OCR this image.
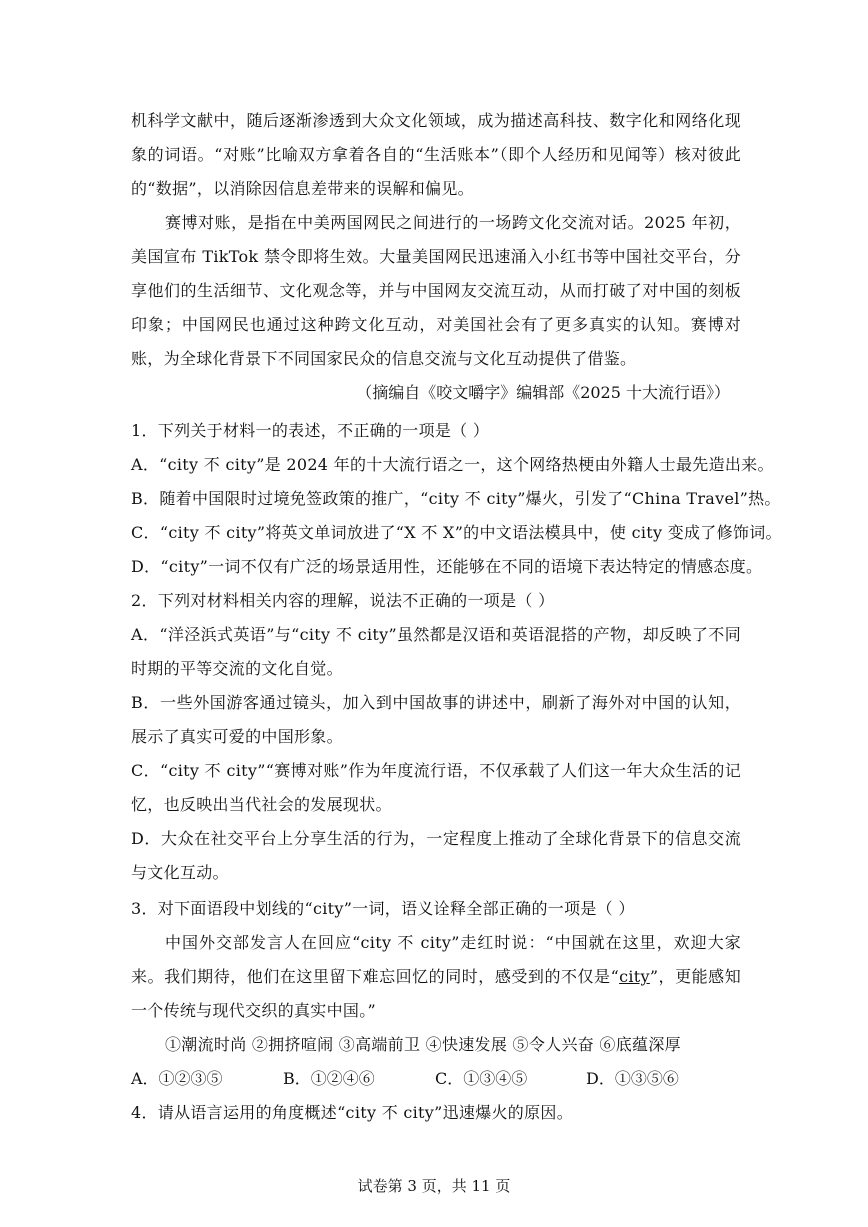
机科学文献中，随后逐渐渗透到大众文化领域，成为描述高科技、数字化和网络化现象的词语。“对账”比喻双方拿着各自的“生活账本”（即个人经历和见闻等）核对彼此的“数据”，以消除因信息差带来的误解和偏见。
赛博对账，是指在中美两国网民之间进行的一场跨文化交流对话。2025 年初，美国宣布 TikTok 禁令即将生效。大量美国网民迅速涌入小红书等中国社交平台，分享他们的生活细节、文化观念等，并与中国网友交流互动，从而打破了对中国的刻板印象；中国网民也通过这种跨文化互动，对美国社会有了更多真实的认知。赛博对账，为全球化背景下不同国家民众的信息交流与文化互动提供了借鉴。
（摘编自《咬文嚼字》编辑部《2025 十大流行语》）
1．下列关于材料一的表述，不正确的一项是（ ）
A．“city 不 city”是 2024 年的十大流行语之一，这个网络热梗由外籍人士最先造出来。
B．随着中国限时过境免签政策的推广，“city 不 city”爆火，引发了“China Travel”热。
C．“city 不 city”将英文单词放进了“X 不 X”的中文语法模具中，使 city 变成了修饰词。
D．“city”一词不仅有广泛的场景适用性，还能够在不同的语境下表达特定的情感态度。
2．下列对材料相关内容的理解，说法不正确的一项是（ ）
A．“洋泾浜式英语”与“city 不 city”虽然都是汉语和英语混搭的产物，却反映了不同时期的平等交流的文化自觉。
B．一些外国游客通过镜头，加入到中国故事的讲述中，刷新了海外对中国的认知，展示了真实可爱的中国形象。
C．“city 不 city”“赛博对账”作为年度流行语，不仅承载了人们这一年大众生活的记忆，也反映出当代社会的发展现状。
D．大众在社交平台上分享生活的行为，一定程度上推动了全球化背景下的信息交流与文化互动。
3．对下面语段中划线的“city”一词，语义诠释全部正确的一项是（ ）
中国外交部发言人在回应“city 不 city”走红时说：“中国就在这里，欢迎大家来。我们期待，他们在这里留下难忘回忆的同时，感受到的不仅是“city”，更能感知一个传统与现代交织的真实中国。”
①潮流时尚 ②拥挤喧闹 ③高端前卫 ④快速发展 ⑤令人兴奋 ⑥底蕴深厚
A．①②③⑤	B．①②④⑥	C．①③④⑤	D．①③⑤⑥
4．请从语言运用的角度概述“city 不 city”迅速爆火的原因。
试卷第 3 页，共 11 页
